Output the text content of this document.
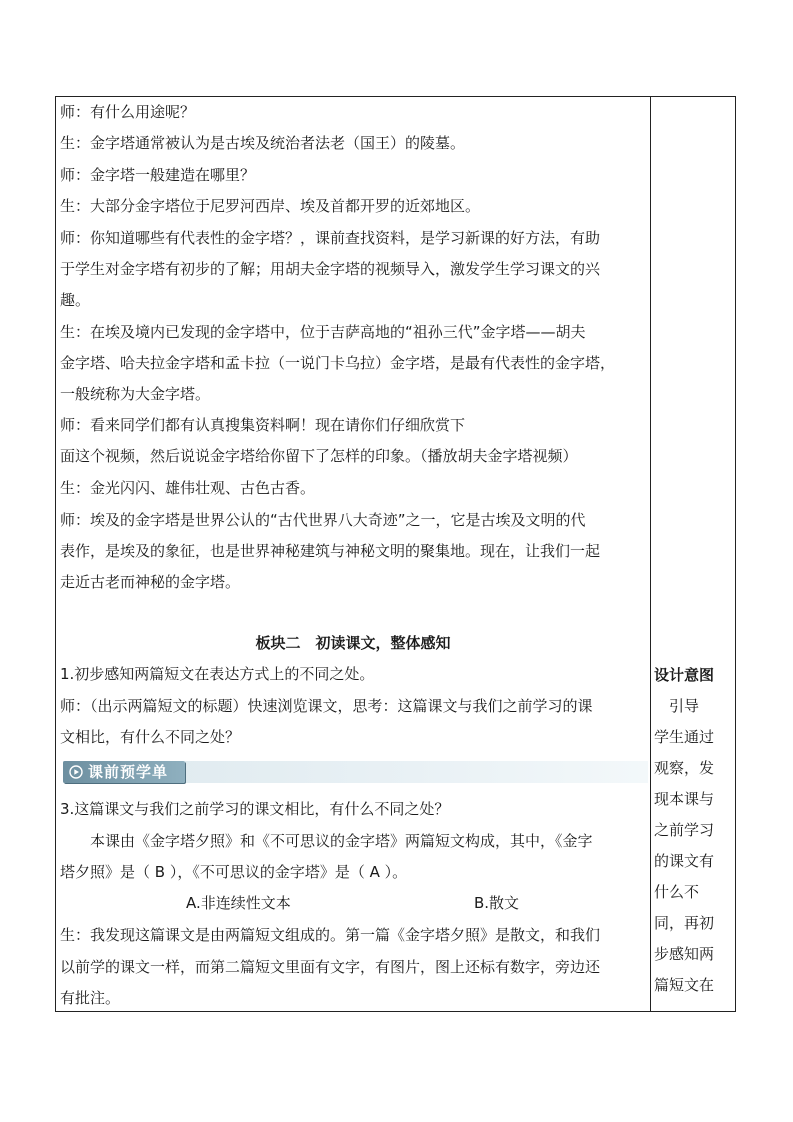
师：有什么用途呢？
生：金字塔通常被认为是古埃及统治者法老（国王）的陵墓。
师：金字塔一般建造在哪里？
生：大部分金字塔位于尼罗河西岸、埃及首都开罗的近郊地区。
师：你知道哪些有代表性的金字塔？，课前查找资料，是学习新课的好方法，有助
于学生对金字塔有初步的了解；用胡夫金字塔的视频导入，激发学生学习课文的兴
趣。
生：在埃及境内已发现的金字塔中，位于吉萨高地的“祖孙三代”金字塔——胡夫
金字塔、哈夫拉金字塔和孟卡拉（一说门卡乌拉）金字塔，是最有代表性的金字塔，
一般统称为大金字塔。
师：看来同学们都有认真搜集资料啊！现在请你们仔细欣赏下
面这个视频，然后说说金字塔给你留下了怎样的印象。（播放胡夫金字塔视频）
生：金光闪闪、雄伟壮观、古色古香。
师：埃及的金字塔是世界公认的“古代世界八大奇迹”之一，它是古埃及文明的代
表作，是埃及的象征，也是世界神秘建筑与神秘文明的聚集地。现在，让我们一起
走近古老而神秘的金字塔。
板块二　初读课文，整体感知
1.初步感知两篇短文在表达方式上的不同之处。
师：（出示两篇短文的标题）快速浏览课文，思考：这篇课文与我们之前学习的课
文相比，有什么不同之处？
课前预学单
3.这篇课文与我们之前学习的课文相比，有什么不同之处？
本课由《金字塔夕照》和《不可思议的金字塔》两篇短文构成，其中，《金字
塔夕照》是（ B ），《不可思议的金字塔》是（ A ）。
A.非连续性文本	B.散文
生：我发现这篇课文是由两篇短文组成的。第一篇《金字塔夕照》是散文，和我们
以前学的课文一样，而第二篇短文里面有文字，有图片，图上还标有数字，旁边还
有批注。
设计意图
　引导
学生通过
观察，发
现本课与
之前学习
的课文有
什么不
同，再初
步感知两
篇短文在
